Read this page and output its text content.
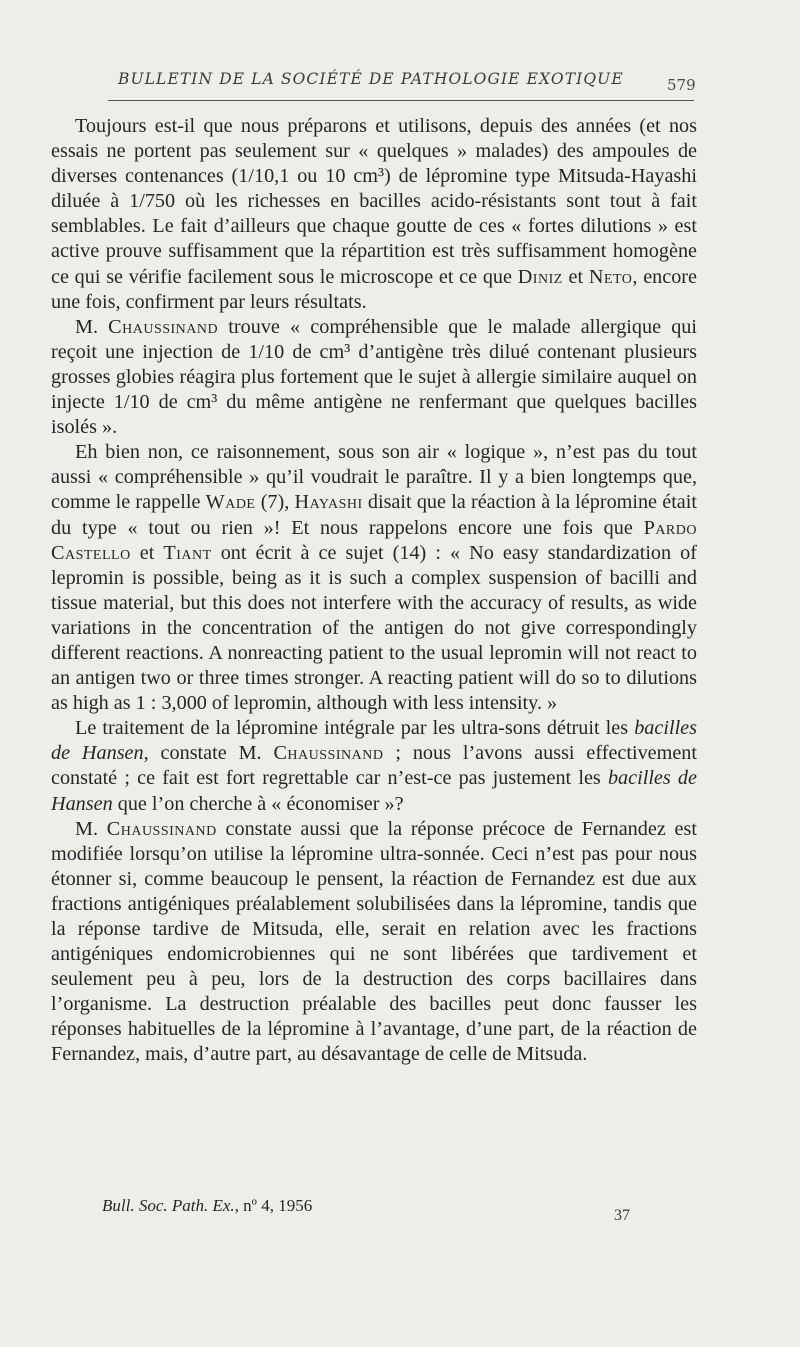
BULLETIN DE LA SOCIÉTÉ DE PATHOLOGIE EXOTIQUE	579

Toujours est-il que nous préparons et utilisons, depuis des années (et nos essais ne portent pas seulement sur « quelques » malades) des ampoules de diverses contenances (1/10,1 ou 10 cm³) de lépromine type Mitsuda-Hayashi diluée à 1/750 où les richesses en bacilles acido-résistants sont tout à fait semblables. Le fait d’ailleurs que chaque goutte de ces « fortes dilutions » est active prouve suffisamment que la répartition est très suffisamment homogène ce qui se vérifie facilement sous le microscope et ce que Diniz et Neto, encore une fois, confirment par leurs résultats.

M. Chaussinand trouve « compréhensible que le malade allergique qui reçoit une injection de 1/10 de cm³ d’antigène très dilué contenant plusieurs grosses globies réagira plus fortement que le sujet à allergie similaire auquel on injecte 1/10 de cm³ du même antigène ne renfermant que quelques bacilles isolés ».

Eh bien non, ce raisonnement, sous son air « logique », n’est pas du tout aussi « compréhensible » qu’il voudrait le paraître. Il y a bien longtemps que, comme le rappelle Wade (7), Hayashi disait que la réaction à la lépromine était du type « tout ou rien »! Et nous rappelons encore une fois que Pardo Castello et Tiant ont écrit à ce sujet (14) : « No easy standardization of lepromin is possible, being as it is such a complex suspension of bacilli and tissue material, but this does not interfere with the accuracy of results, as wide variations in the concentration of the antigen do not give correspondingly different reactions. A nonreacting patient to the usual lepromin will not react to an antigen two or three times stronger. A reacting patient will do so to dilutions as high as 1 : 3,000 of lepromin, although with less intensity. »

Le traitement de la lépromine intégrale par les ultra-sons détruit les bacilles de Hansen, constate M. Chaussinand ; nous l’avons aussi effectivement constaté ; ce fait est fort regrettable car n’est-ce pas justement les bacilles de Hansen que l’on cherche à « économiser »?

M. Chaussinand constate aussi que la réponse précoce de Fernandez est modifiée lorsqu’on utilise la lépromine ultra-sonnée. Ceci n’est pas pour nous étonner si, comme beaucoup le pensent, la réaction de Fernandez est due aux fractions antigéniques préalablement solubilisées dans la lépromine, tandis que la réponse tardive de Mitsuda, elle, serait en relation avec les fractions antigéniques endomicrobiennes qui ne sont libérées que tardivement et seulement peu à peu, lors de la destruction des corps bacillaires dans l’organisme. La destruction préalable des bacilles peut donc fausser les réponses habituelles de la lépromine à l’avantage, d’une part, de la réaction de Fernandez, mais, d’autre part, au désavantage de celle de Mitsuda.

Bull. Soc. Path. Ex., nº 4, 1956
37
